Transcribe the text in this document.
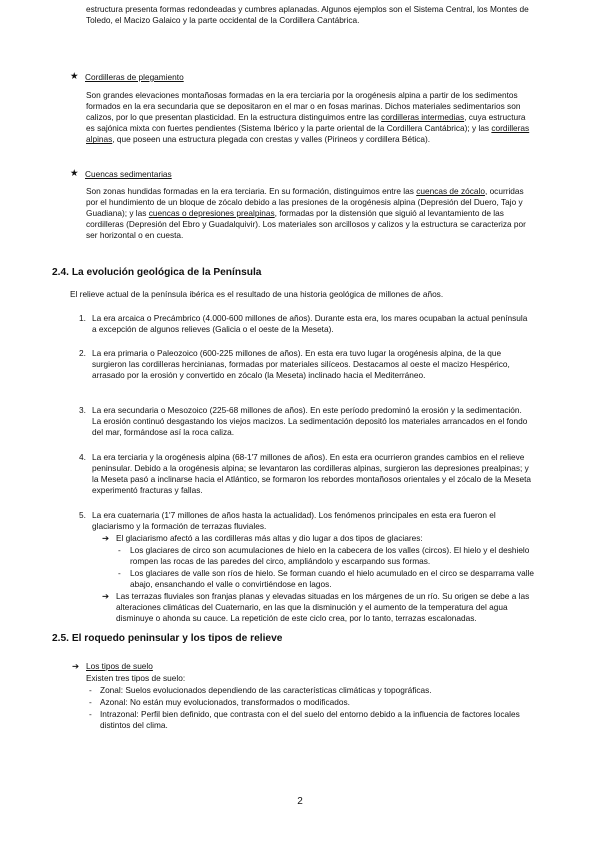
estructura presenta formas redondeadas y cumbres aplanadas. Algunos ejemplos son el Sistema Central, los Montes de Toledo, el Macizo Galaico y la parte occidental de la Cordillera Cantábrica.

★ Cordilleras de plegamiento

Son grandes elevaciones montañosas formadas en la era terciaria por la orogénesis alpina a partir de los sedimentos formados en la era secundaria que se depositaron en el mar o en fosas marinas. Dichos materiales sedimentarios son calizos, por lo que presentan plasticidad. En la estructura distinguimos entre las cordilleras intermedias, cuya estructura es sajónica mixta con fuertes pendientes (Sistema Ibérico y la parte oriental de la Cordillera Cantábrica); y las cordilleras alpinas, que poseen una estructura plegada con crestas y valles (Pirineos y cordillera Bética).

★ Cuencas sedimentarias

Son zonas hundidas formadas en la era terciaria. En su formación, distinguimos entre las cuencas de zócalo, ocurridas por el hundimiento de un bloque de zócalo debido a las presiones de la orogénesis alpina (Depresión del Duero, Tajo y Guadiana); y las cuencas o depresiones prealpinas, formadas por la distensión que siguió al levantamiento de las cordilleras (Depresión del Ebro y Guadalquivir). Los materiales son arcillosos y calizos y la estructura se caracteriza por ser horizontal o en cuesta.

2.4. La evolución geológica de la Península

El relieve actual de la península ibérica es el resultado de una historia geológica de millones de años.

1. La era arcaica o Precámbrico (4.000-600 millones de años). Durante esta era, los mares ocupaban la actual península a excepción de algunos relieves (Galicia o el oeste de la Meseta).

2. La era primaria o Paleozoico (600-225 millones de años). En esta era tuvo lugar la orogénesis alpina, de la que surgieron las cordilleras hercinianas, formadas por materiales silíceos. Destacamos al oeste el macizo Hespérico, arrasado por la erosión y convertido en zócalo (la Meseta) inclinado hacia el Mediterráneo.

3. La era secundaria o Mesozoico (225-68 millones de años). En este período predominó la erosión y la sedimentación. La erosión continuó desgastando los viejos macizos. La sedimentación depositó los materiales arrancados en el fondo del mar, formándose así la roca caliza.

4. La era terciaria y la orogénesis alpina (68-1'7 millones de años). En esta era ocurrieron grandes cambios en el relieve peninsular. Debido a la orogénesis alpina; se levantaron las cordilleras alpinas, surgieron las depresiones prealpinas; y la Meseta pasó a inclinarse hacia el Atlántico, se formaron los rebordes montañosos orientales y el zócalo de la Meseta experimentó fracturas y fallas.

5. La era cuaternaria (1'7 millones de años hasta la actualidad). Los fenómenos principales en esta era fueron el glaciarismo y la formación de terrazas fluviales.

➔ El glaciarismo afectó a las cordilleras más altas y dio lugar a dos tipos de glaciares:

- Los glaciares de circo son acumulaciones de hielo en la cabecera de los valles (circos). El hielo y el deshielo rompen las rocas de las paredes del circo, ampliándolo y escarpando sus formas.

- Los glaciares de valle son ríos de hielo. Se forman cuando el hielo acumulado en el circo se desparrama valle abajo, ensanchando el valle o convirtiéndose en lagos.

➔ Las terrazas fluviales son franjas planas y elevadas situadas en los márgenes de un río. Su origen se debe a las alteraciones climáticas del Cuaternario, en las que la disminución y el aumento de la temperatura del agua disminuye o ahonda su cauce. La repetición de este ciclo crea, por lo tanto, terrazas escalonadas.

2.5. El roquedo peninsular y los tipos de relieve
➔ Los tipos de suelo

Existen tres tipos de suelo:

- Zonal: Suelos evolucionados dependiendo de las características climáticas y topográficas.

- Azonal: No están muy evolucionados, transformados o modificados.

- Intrazonal: Perfil bien definido, que contrasta con el del suelo del entorno debido a la influencia de factores locales distintos del clima.

2
